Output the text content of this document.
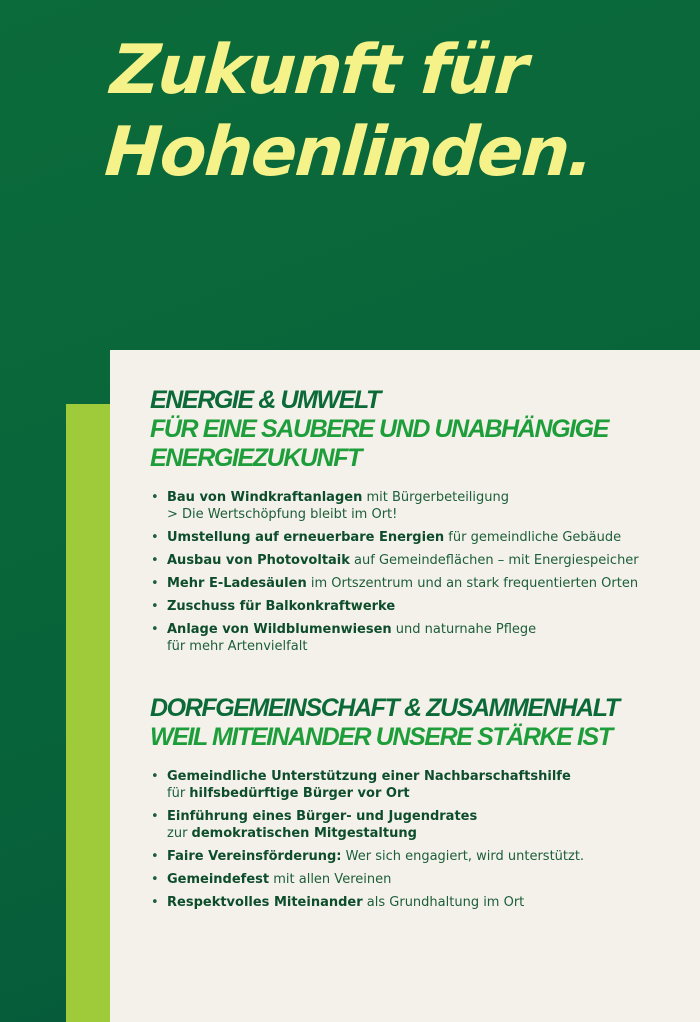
Zukunft für
Hohenlinden.
ENERGIE & UMWELT
FÜR EINE SAUBERE UND UNABHÄNGIGE
ENERGIEZUKUNFT
• Bau von Windkraftanlagen mit Bürgerbeteiligung
> Die Wertschöpfung bleibt im Ort!
• Umstellung auf erneuerbare Energien für gemeindliche Gebäude
• Ausbau von Photovoltaik auf Gemeindeflächen – mit Energiespeicher
• Mehr E-Ladesäulen im Ortszentrum und an stark frequentierten Orten
• Zuschuss für Balkonkraftwerke
• Anlage von Wildblumenwiesen und naturnahe Pflege
für mehr Artenvielfalt
DORFGEMEINSCHAFT & ZUSAMMENHALT
WEIL MITEINANDER UNSERE STÄRKE IST
• Gemeindliche Unterstützung einer Nachbarschaftshilfe
für hilfsbedürftige Bürger vor Ort
• Einführung eines Bürger- und Jugendrates
zur demokratischen Mitgestaltung
• Faire Vereinsförderung: Wer sich engagiert, wird unterstützt.
• Gemeindefest mit allen Vereinen
• Respektvolles Miteinander als Grundhaltung im Ort
